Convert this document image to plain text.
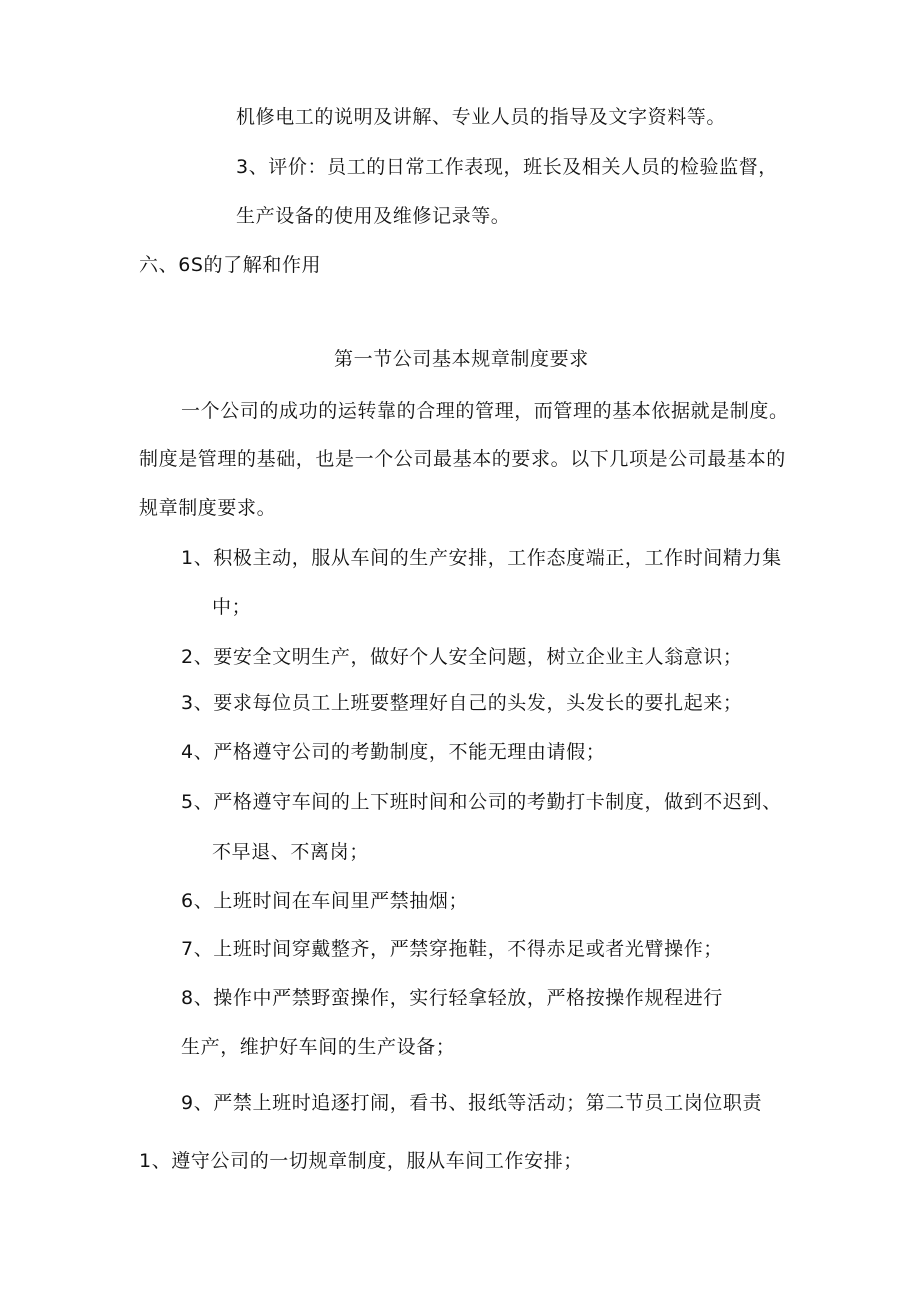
机修电工的说明及讲解、专业人员的指导及文字资料等。
3、评价：员工的日常工作表现，班长及相关人员的检验监督，
生产设备的使用及维修记录等。
六、6S的了解和作用
第一节公司基本规章制度要求
一个公司的成功的运转靠的合理的管理，而管理的基本依据就是制度。
制度是管理的基础，也是一个公司最基本的要求。以下几项是公司最基本的
规章制度要求。
1、积极主动，服从车间的生产安排，工作态度端正，工作时间精力集
中；
2、要安全文明生产，做好个人安全问题，树立企业主人翁意识；
3、要求每位员工上班要整理好自己的头发，头发长的要扎起来；
4、严格遵守公司的考勤制度，不能无理由请假；
5、严格遵守车间的上下班时间和公司的考勤打卡制度，做到不迟到、
不早退、不离岗；
6、上班时间在车间里严禁抽烟；
7、上班时间穿戴整齐，严禁穿拖鞋，不得赤足或者光臂操作；
8、操作中严禁野蛮操作，实行轻拿轻放，严格按操作规程进行
生产，维护好车间的生产设备；
9、严禁上班时追逐打闹，看书、报纸等活动；第二节员工岗位职责
1、遵守公司的一切规章制度，服从车间工作安排；
